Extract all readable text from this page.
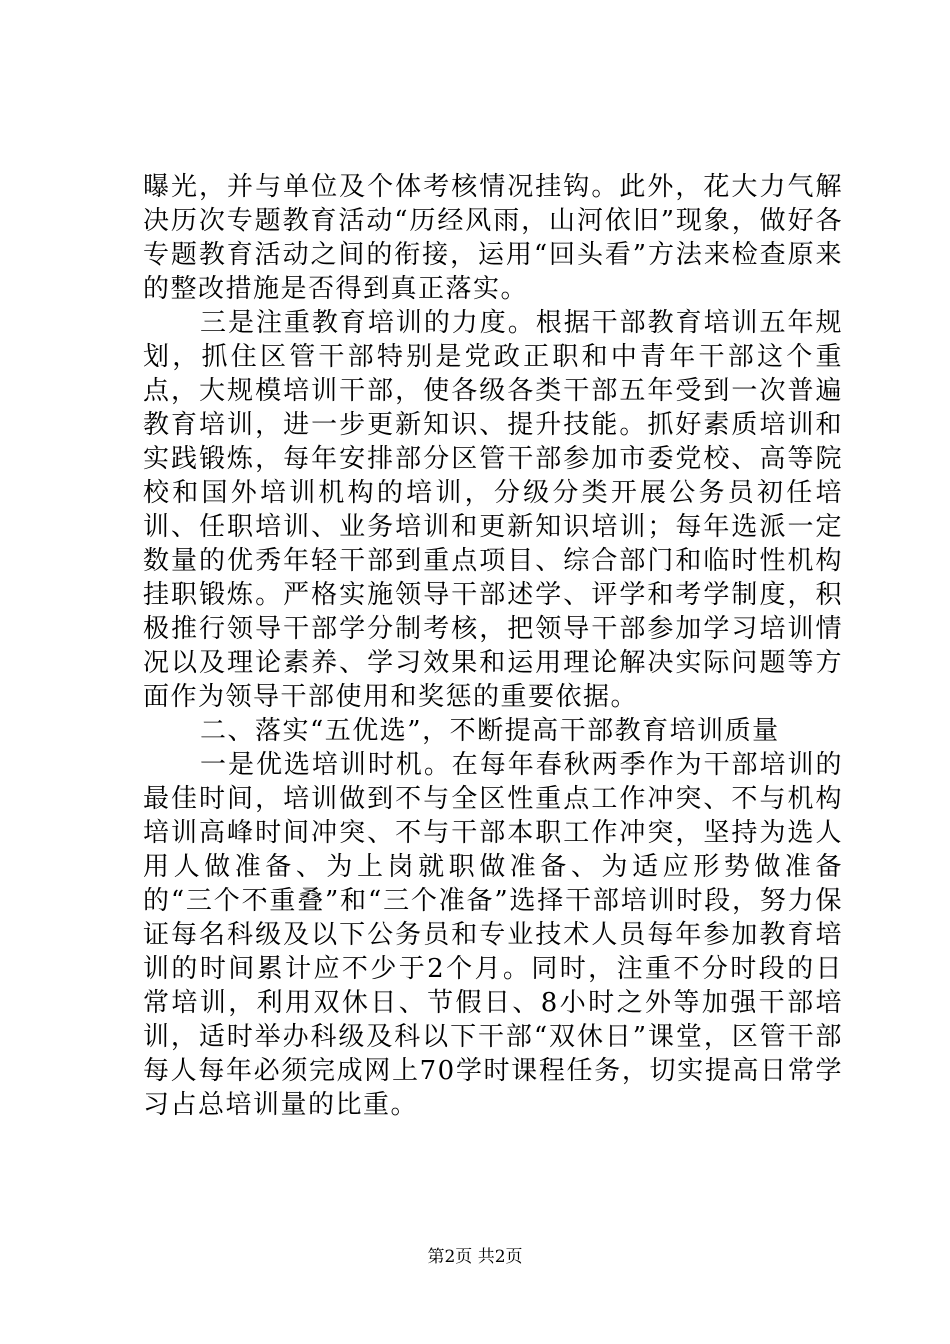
曝光，并与单位及个体考核情况挂钩。此外，花大力气解决历次专题教育活动“历经风雨，山河依旧”现象，做好各专题教育活动之间的衔接，运用“回头看”方法来检查原来的整改措施是否得到真正落实。

三是注重教育培训的力度。根据干部教育培训五年规划，抓住区管干部特别是党政正职和中青年干部这个重点，大规模培训干部，使各级各类干部五年受到一次普遍教育培训，进一步更新知识、提升技能。抓好素质培训和实践锻炼，每年安排部分区管干部参加市委党校、高等院校和国外培训机构的培训，分级分类开展公务员初任培训、任职培训、业务培训和更新知识培训；每年选派一定数量的优秀年轻干部到重点项目、综合部门和临时性机构挂职锻炼。严格实施领导干部述学、评学和考学制度，积极推行领导干部学分制考核，把领导干部参加学习培训情况以及理论素养、学习效果和运用理论解决实际问题等方面作为领导干部使用和奖惩的重要依据。

二、落实“五优选”，不断提高干部教育培训质量

一是优选培训时机。在每年春秋两季作为干部培训的最佳时间，培训做到不与全区性重点工作冲突、不与机构培训高峰时间冲突、不与干部本职工作冲突，坚持为选人用人做准备、为上岗就职做准备、为适应形势做准备的“三个不重叠”和“三个准备”选择干部培训时段，努力保证每名科级及以下公务员和专业技术人员每年参加教育培训的时间累计应不少于2个月。同时，注重不分时段的日常培训，利用双休日、节假日、8小时之外等加强干部培训，适时举办科级及科以下干部“双休日”课堂，区管干部每人每年必须完成网上70学时课程任务，切实提高日常学习占总培训量的比重。

第2页 共2页
